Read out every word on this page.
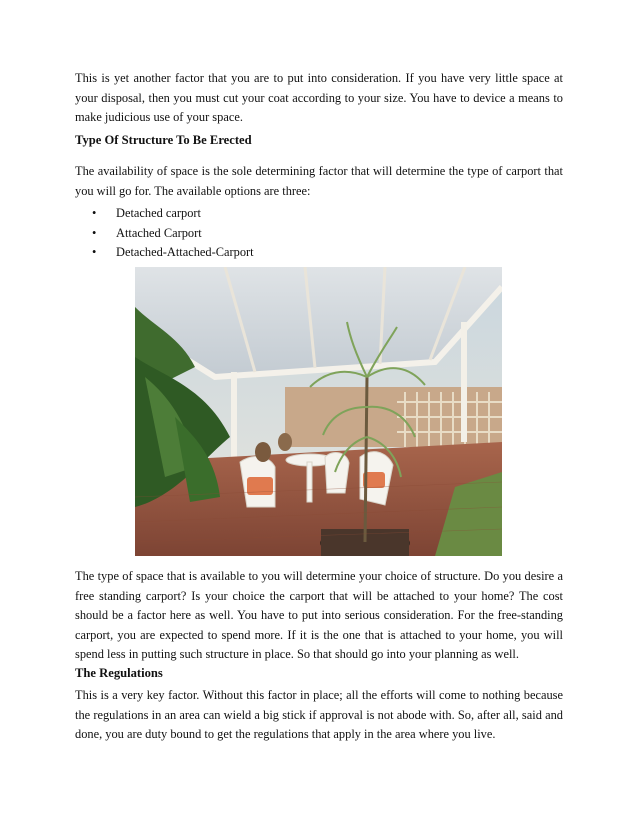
This is yet another factor that you are to put into consideration. If you have very little space at your disposal, then you must cut your coat according to your size. You have to device a means to make judicious use of your space.

Type Of Structure To Be Erected

The availability of space is the sole determining factor that will determine the type of carport that you will go for. The available options are three:

• Detached carport
• Attached Carport
• Detached-Attached-Carport

The type of space that is available to you will determine your choice of structure. Do you desire a free standing carport? Is your choice the carport that will be attached to your home? The cost should be a factor here as well. You have to put into serious consideration. For the free-standing carport, you are expected to spend more. If it is the one that is attached to your home, you will spend less in putting such structure in place. So that should go into your planning as well.

The Regulations

This is a very key factor. Without this factor in place; all the efforts will come to nothing because the regulations in an area can wield a big stick if approval is not abode with. So, after all, said and done, you are duty bound to get the regulations that apply in the area where you live.
